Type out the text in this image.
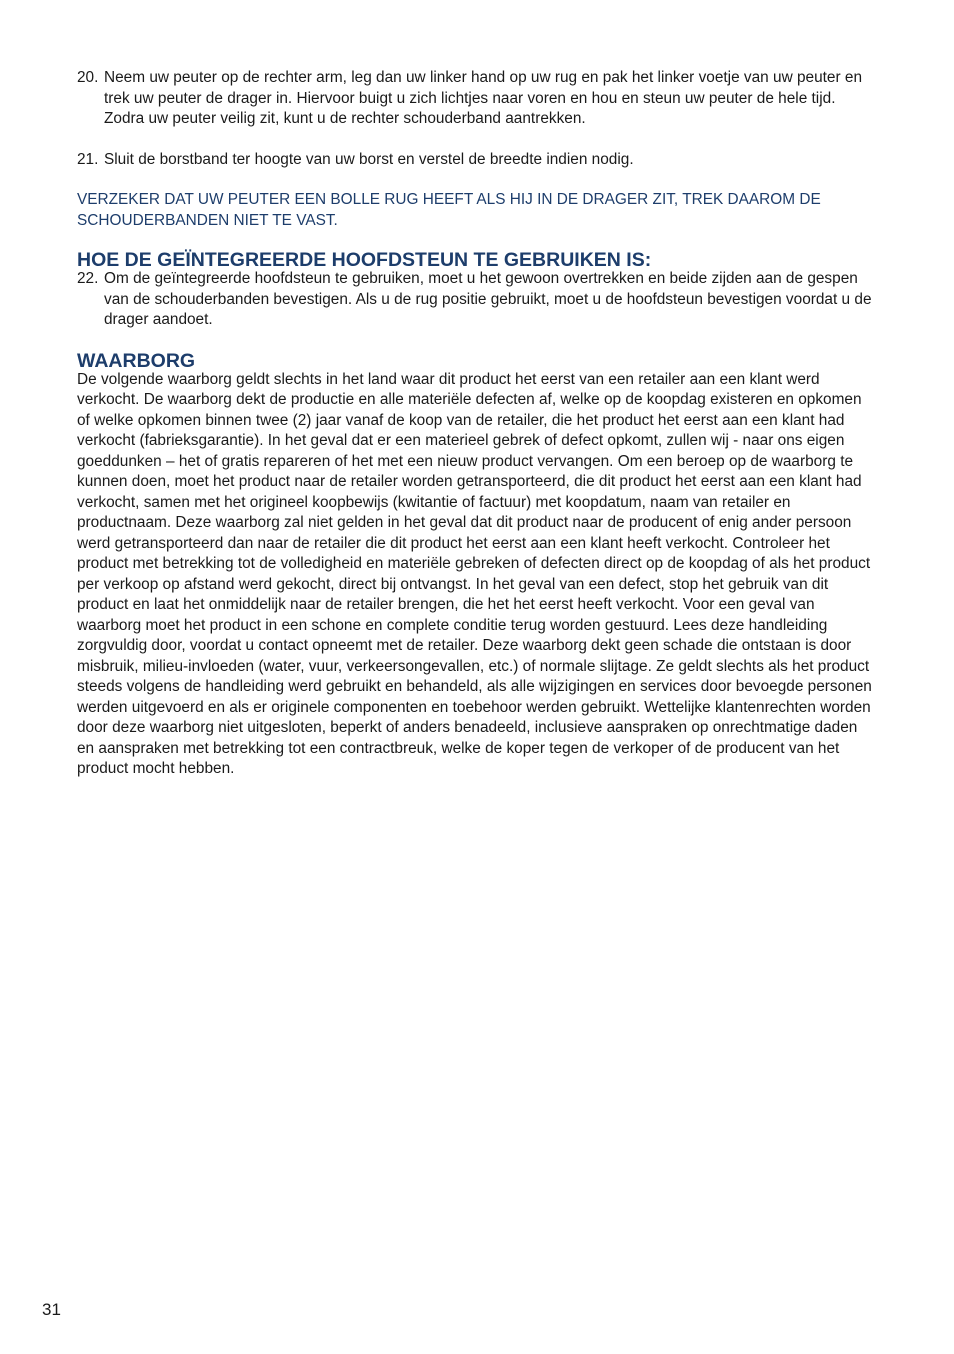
20. Neem uw peuter op de rechter arm, leg dan uw linker hand op uw rug en pak het linker voetje van uw peuter en trek uw peuter de drager in. Hiervoor buigt u zich lichtjes naar voren en hou en steun uw peuter de hele tijd. Zodra uw peuter veilig zit, kunt u de rechter schouderband aantrekken.

21. Sluit de borstband ter hoogte van uw borst en verstel de breedte indien nodig.

VERZEKER DAT UW PEUTER EEN BOLLE RUG HEEFT ALS HIJ IN DE DRAGER ZIT, TREK DAAROM DE SCHOUDERBANDEN NIET TE VAST.

HOE DE GEÏNTEGREERDE HOOFDSTEUN TE GEBRUIKEN IS:

22. Om de geïntegreerde hoofdsteun te gebruiken, moet u het gewoon overtrekken en beide zijden aan de gespen van de schouderbanden bevestigen. Als u de rug positie gebruikt, moet u de hoofdsteun bevestigen voordat u de drager aandoet.

WAARBORG

De volgende waarborg geldt slechts in het land waar dit product het eerst van een retailer aan een klant werd verkocht. De waarborg dekt de productie en alle materiële defecten af, welke op de koopdag existeren en opkomen of welke opkomen binnen twee (2) jaar vanaf de koop van de retailer, die het product het eerst aan een klant had verkocht (fabrieksgarantie). In het geval dat er een materieel gebrek of defect opkomt, zullen wij - naar ons eigen goeddunken – het of gratis repareren of het met een nieuw product vervangen. Om een beroep op de waarborg te kunnen doen, moet het product naar de retailer worden getransporteerd, die dit product het eerst aan een klant had verkocht, samen met het origineel koopbewijs (kwitantie of factuur) met koopdatum, naam van retailer en productnaam. Deze waarborg zal niet gelden in het geval dat dit product naar de producent of enig ander persoon werd getransporteerd dan naar de retailer die dit product het eerst aan een klant heeft verkocht. Controleer het product met betrekking tot de volledigheid en materiële gebreken of defecten direct op de koopdag of als het product per verkoop op afstand werd gekocht, direct bij ontvangst. In het geval van een defect, stop het gebruik van dit product en laat het onmiddelijk naar de retailer brengen, die het het eerst heeft verkocht. Voor een geval van waarborg moet het product in een schone en complete conditie terug worden gestuurd. Lees deze handleiding zorgvuldig door, voordat u contact opneemt met de retailer. Deze waarborg dekt geen schade die ontstaan is door misbruik, milieu-invloeden (water, vuur, verkeersongevallen, etc.) of normale slijtage. Ze geldt slechts als het product steeds volgens de handleiding werd gebruikt en behandeld, als alle wijzigingen en services door bevoegde personen werden uitgevoerd en als er originele componenten en toebehoor werden gebruikt. Wettelijke klantenrechten worden door deze waarborg niet uitgesloten, beperkt of anders benadeeld, inclusieve aanspraken op onrechtmatige daden en aanspraken met betrekking tot een contractbreuk, welke de koper tegen de verkoper of de producent van het product mocht hebben.

31
